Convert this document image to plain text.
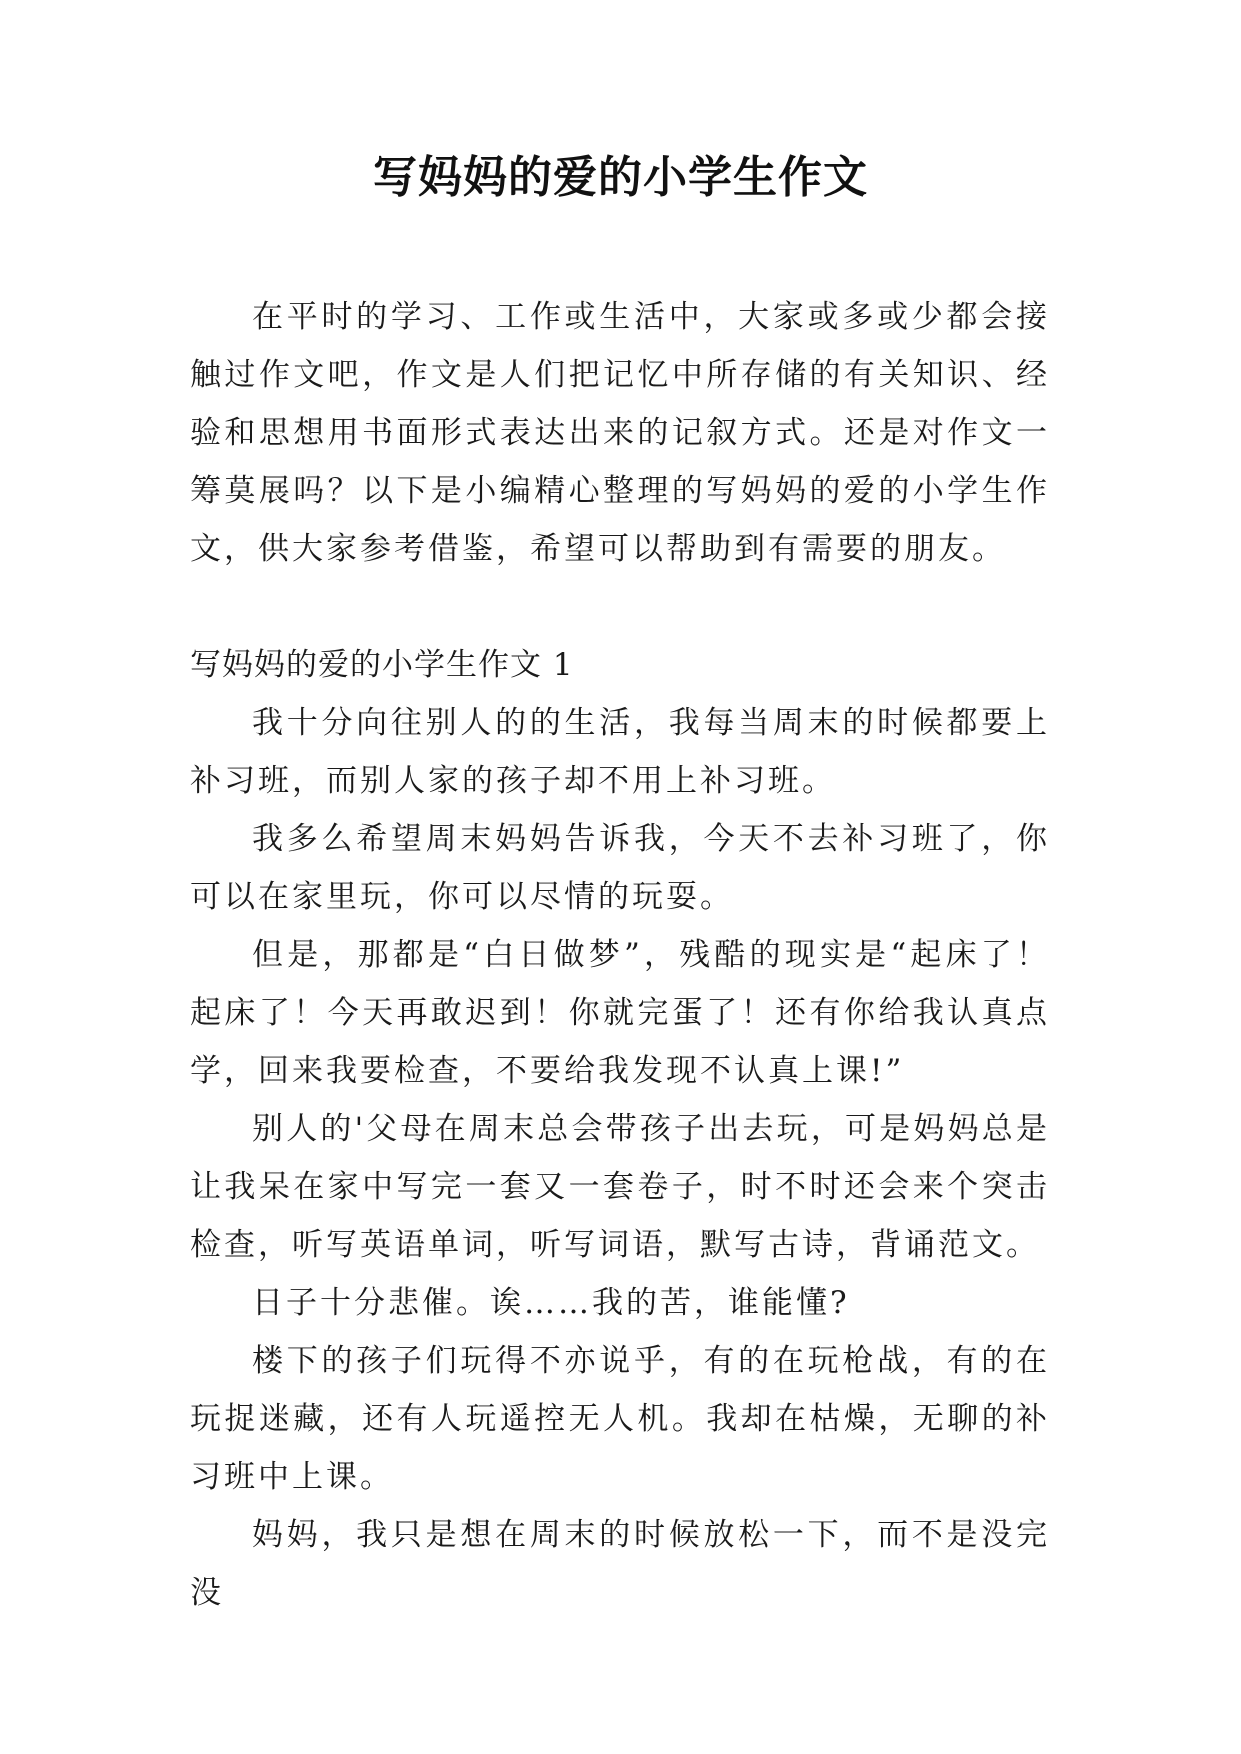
写妈妈的爱的小学生作文

在平时的学习、工作或生活中，大家或多或少都会接触过作文吧，作文是人们把记忆中所存储的有关知识、经验和思想用书面形式表达出来的记叙方式。还是对作文一筹莫展吗？以下是小编精心整理的写妈妈的爱的小学生作文，供大家参考借鉴，希望可以帮助到有需要的朋友。

写妈妈的爱的小学生作文 1

我十分向往别人的的生活，我每当周末的时候都要上补习班，而别人家的孩子却不用上补习班。

我多么希望周末妈妈告诉我，今天不去补习班了，你可以在家里玩，你可以尽情的玩耍。

但是，那都是“白日做梦”，残酷的现实是“起床了！起床了！今天再敢迟到！你就完蛋了！还有你给我认真点学，回来我要检查，不要给我发现不认真上课!”

别人的'父母在周末总会带孩子出去玩，可是妈妈总是让我呆在家中写完一套又一套卷子，时不时还会来个突击检查，听写英语单词，听写词语，默写古诗，背诵范文。

日子十分悲催。诶……我的苦，谁能懂?

楼下的孩子们玩得不亦说乎，有的在玩枪战，有的在玩捉迷藏，还有人玩遥控无人机。我却在枯燥，无聊的补习班中上课。

妈妈，我只是想在周末的时候放松一下，而不是没完没
